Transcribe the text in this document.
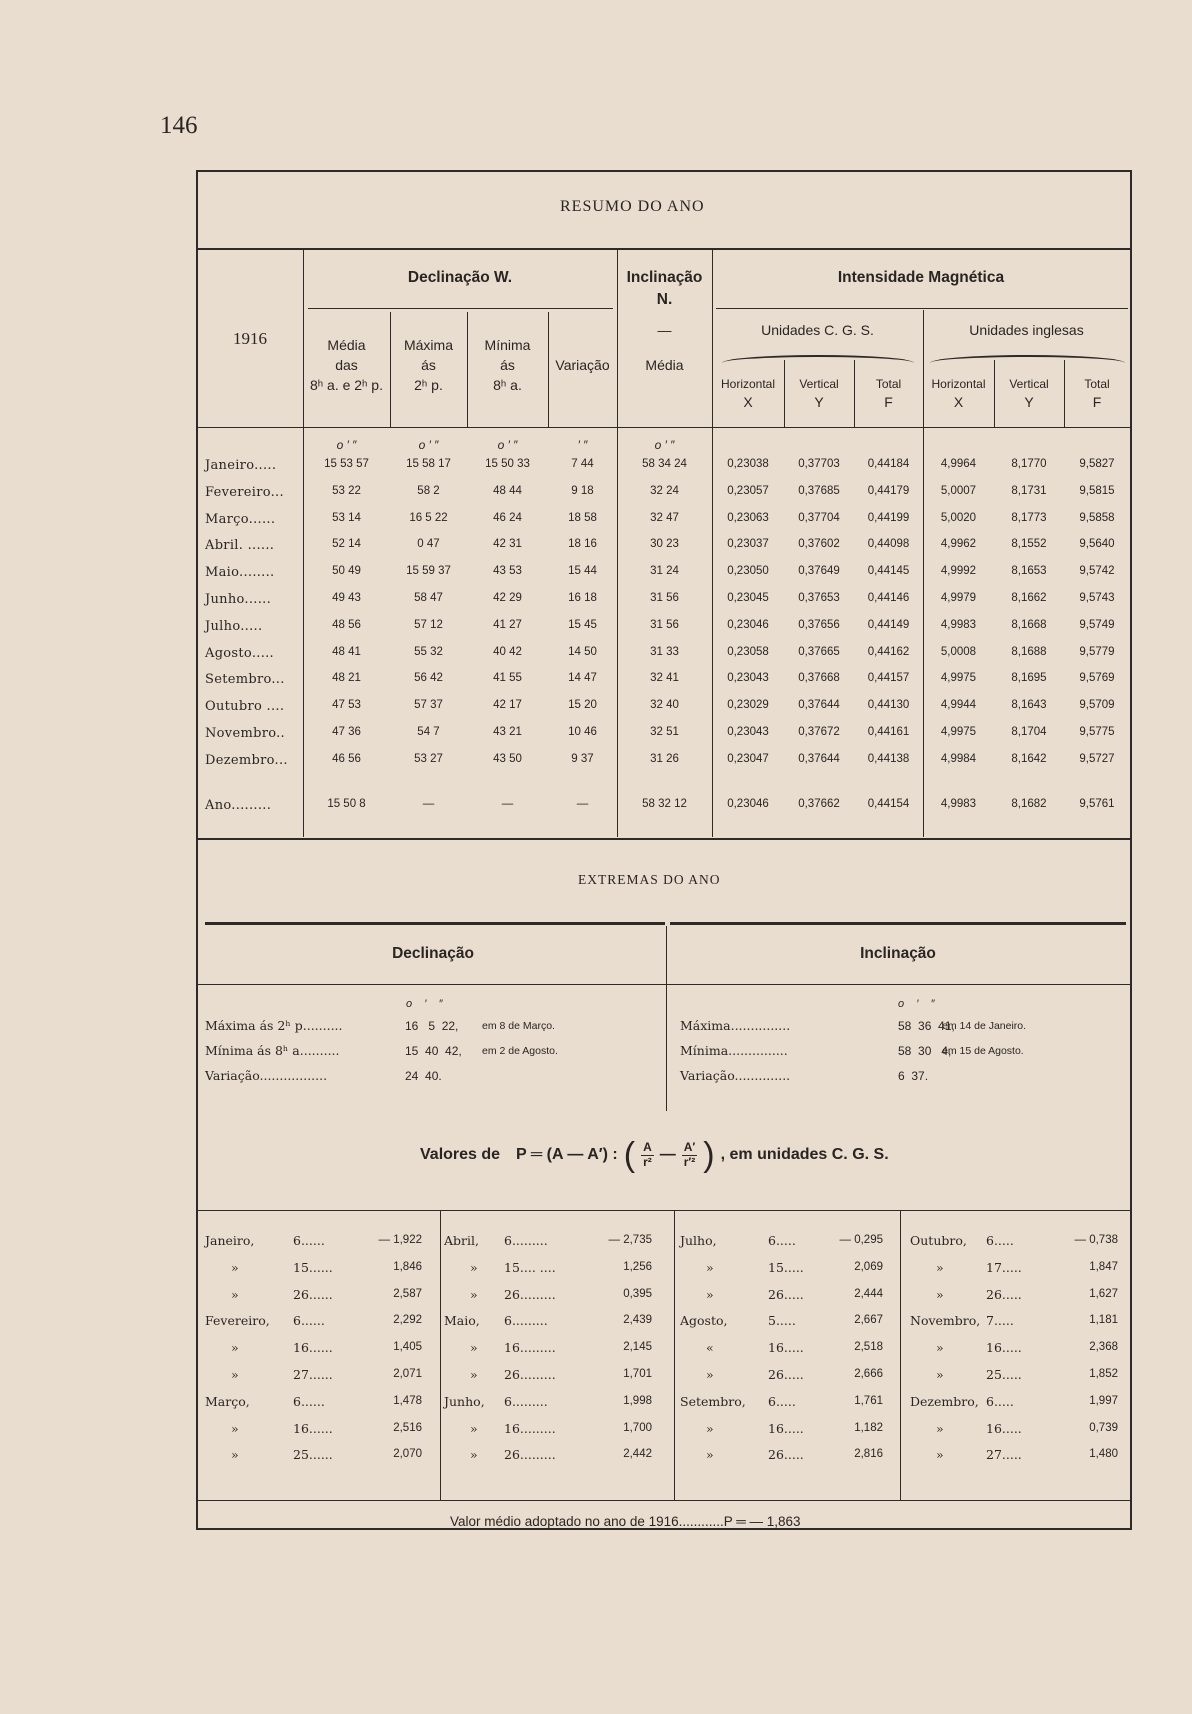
146
RESUMO DO ANO
1916
Declinação W.	Inclinação
N.
—
Intensidade Magnética
Unidades C. G. S.	Unidades inglesas
Média
das
8ʰ a. e 2ʰ p.
Máxima
ás
2ʰ p.
Mínima
ás
8ʰ a.
Variação	Média
Horizontal
X
Vertical
Y
Total
F
Horizontal
X
Vertical
Y
Total
F
o ′ ″	o ′ ″	o ′ ″	′ ″	o ′ ″
Janeiro.....	15 53 57	15 58 17	15 50 33	7 44	58 34 24	0,23038	0,37703	0,44184	4,9964	8,1770	9,5827
Fevereiro...	53 22	58 2	48 44	9 18	32 24	0,23057	0,37685	0,44179	5,0007	8,1731	9,5815
Março......	53 14	16 5 22	46 24	18 58	32 47	0,23063	0,37704	0,44199	5,0020	8,1773	9,5858
Abril. ......	52 14	0 47	42 31	18 16	30 23	0,23037	0,37602	0,44098	4,9962	8,1552	9,5640
Maio........	50 49	15 59 37	43 53	15 44	31 24	0,23050	0,37649	0,44145	4,9992	8,1653	9,5742
Junho......	49 43	58 47	42 29	16 18	31 56	0,23045	0,37653	0,44146	4,9979	8,1662	9,5743
Julho.....	48 56	57 12	41 27	15 45	31 56	0,23046	0,37656	0,44149	4,9983	8,1668	9,5749
Agosto.....	48 41	55 32	40 42	14 50	31 33	0,23058	0,37665	0,44162	5,0008	8,1688	9,5779
Setembro...	48 21	56 42	41 55	14 47	32 41	0,23043	0,37668	0,44157	4,9975	8,1695	9,5769
Outubro ....	47 53	57 37	42 17	15 20	32 40	0,23029	0,37644	0,44130	4,9944	8,1643	9,5709
Novembro..	47 36	54 7	43 21	10 46	32 51	0,23043	0,37672	0,44161	4,9975	8,1704	9,5775
Dezembro...	46 56	53 27	43 50	9 37	31 26	0,23047	0,37644	0,44138	4,9984	8,1642	9,5727
Ano.........	15 50 8	—	—	—	58 32 12	0,23046	0,37662	0,44154	4,9983	8,1682	9,5761
EXTREMAS DO ANO
Declinação	Inclinação
o    ′    ″	o    ′    ″
Máxima ás 2ʰ p..........	16   5  22, em 8 de Março.
Mínima ás 8ʰ a..........	15  40  42, em 2 de Agosto.
Variação.................	24  40.
Máxima...............	58  36  41,
em 14 de Janeiro.
Mínima...............	58  30   4,
em 15 de Agosto.
Variação..............	6  37.
Valores de P ═ (A — A′) : ( $\frac{A}{\text{r²}}$ — $\frac{A'}{\text{r′²}}$ ) , em unidades C. G. S.
Janeiro,	6......	— 1,922
»	15......	1,846
»	26......	2,587
Fevereiro, 6......	2,292
»	16......	1,405
»	27......	2,071
Março,	6......	1,478
»	16......	2,516
»	25......	2,070
Abril, 6.........	— 2,735
» 15.... ....	1,256
» 26.........	0,395
Maio, 6.........	2,439
» 16.........	2,145
» 26.........	1,701
Junho, 6.........	1,998
» 16.........	1,700
» 26.........	2,442
Julho,	6.....	— 0,295
»	15.....	2,069
»	26.....	2,444
Agosto,	5.....	2,667
«	16.....	2,518
»	26.....	2,666
Setembro, 6.....	1,761
»	16.....	1,182
»	26.....	2,816
Outubro, 6.....	— 0,738
»	17.....	1,847
»	26.....	1,627
Novembro, 7.....	1,181
»	16.....	2,368
»	25.....	1,852
Dezembro, 6.....	1,997
»	16.....	0,739
»	27.....	1,480
Valor médio adoptado no ano de 1916............P ═ — 1,863
